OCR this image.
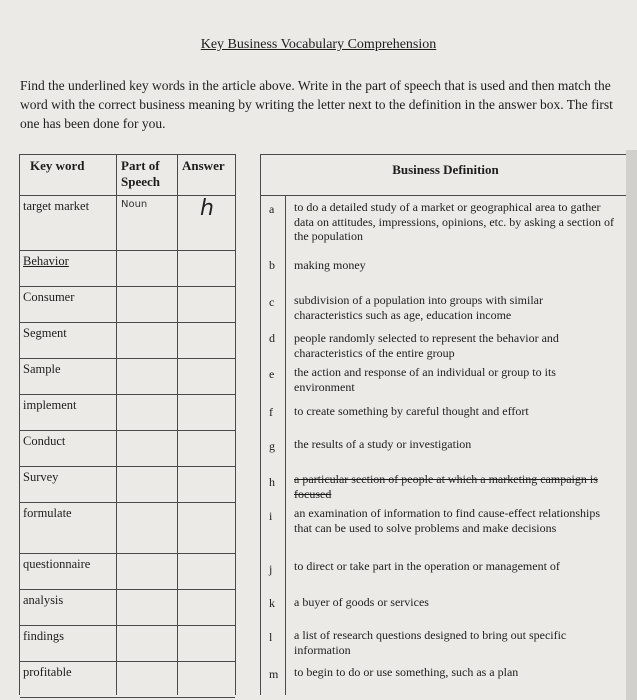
Key Business Vocabulary Comprehension
Find the underlined key words in the article above. Write in the part of speech that is used and then match the word with the correct business meaning by writing the letter next to the definition in the answer box. The first one has been done for you.
Key word	Part of Speech
Answer
target market	Noun h
Behavior
Consumer
Segment
Sample
implement
Conduct
Survey
formulate
questionnaire
analysis
findings
profitable
Business Definition
a to do a detailed study of a market or geographical area to gather data on attitudes, impressions, opinions, etc. by asking a section of the population
b making money
c subdivision of a population into groups with similar characteristics such as age, education income
d people randomly selected to represent the behavior and characteristics of the entire group
e the action and response of an individual or group to its environment
f to create something by careful thought and effort
g the results of a study or investigation
h a particular section of people at which a marketing campaign is focused
i an examination of information to find cause-effect relationships that can be used to solve problems and make decisions
j to direct or take part in the operation or management of
k a buyer of goods or services
l a list of research questions designed to bring out specific information
m to begin to do or use something, such as a plan
